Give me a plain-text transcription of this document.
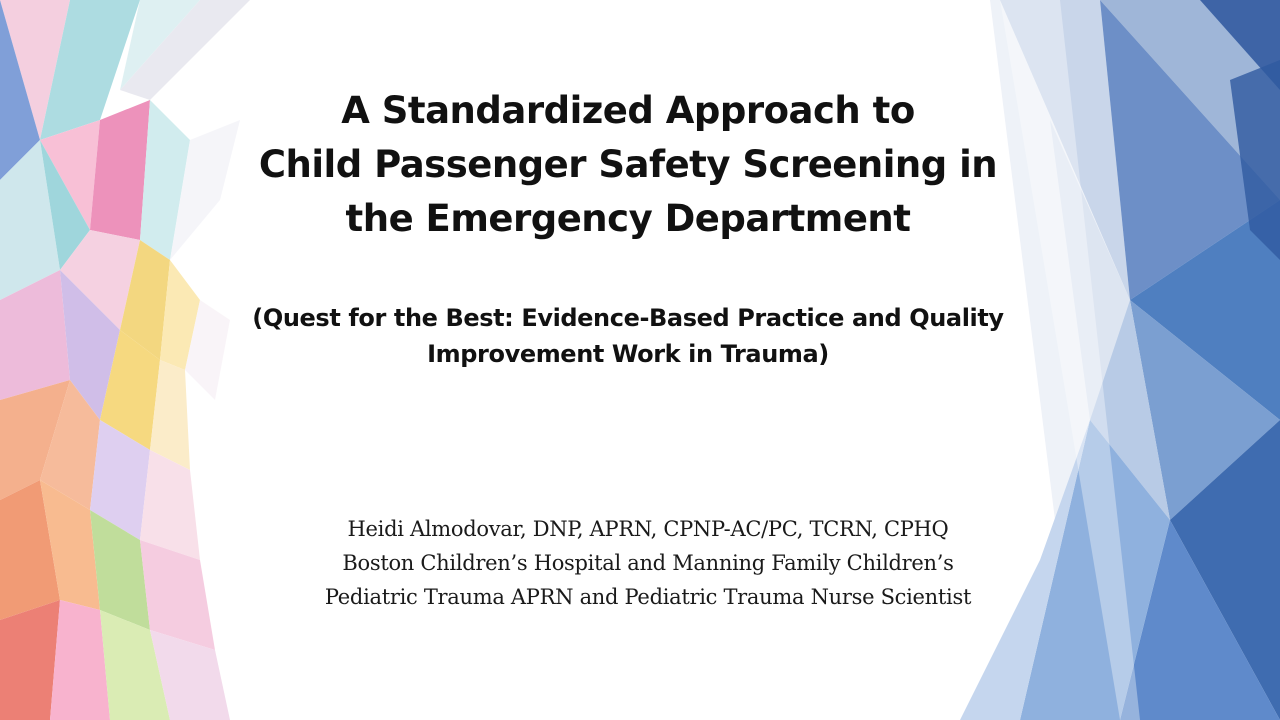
A Standardized Approach to
Child Passenger Safety Screening in
the Emergency Department
(Quest for the Best: Evidence-Based Practice and Quality
Improvement Work in Trauma)
Heidi Almodovar, DNP, APRN, CPNP-AC/PC, TCRN, CPHQ
Boston Children’s Hospital and Manning Family Children’s
Pediatric Trauma APRN and Pediatric Trauma Nurse Scientist
